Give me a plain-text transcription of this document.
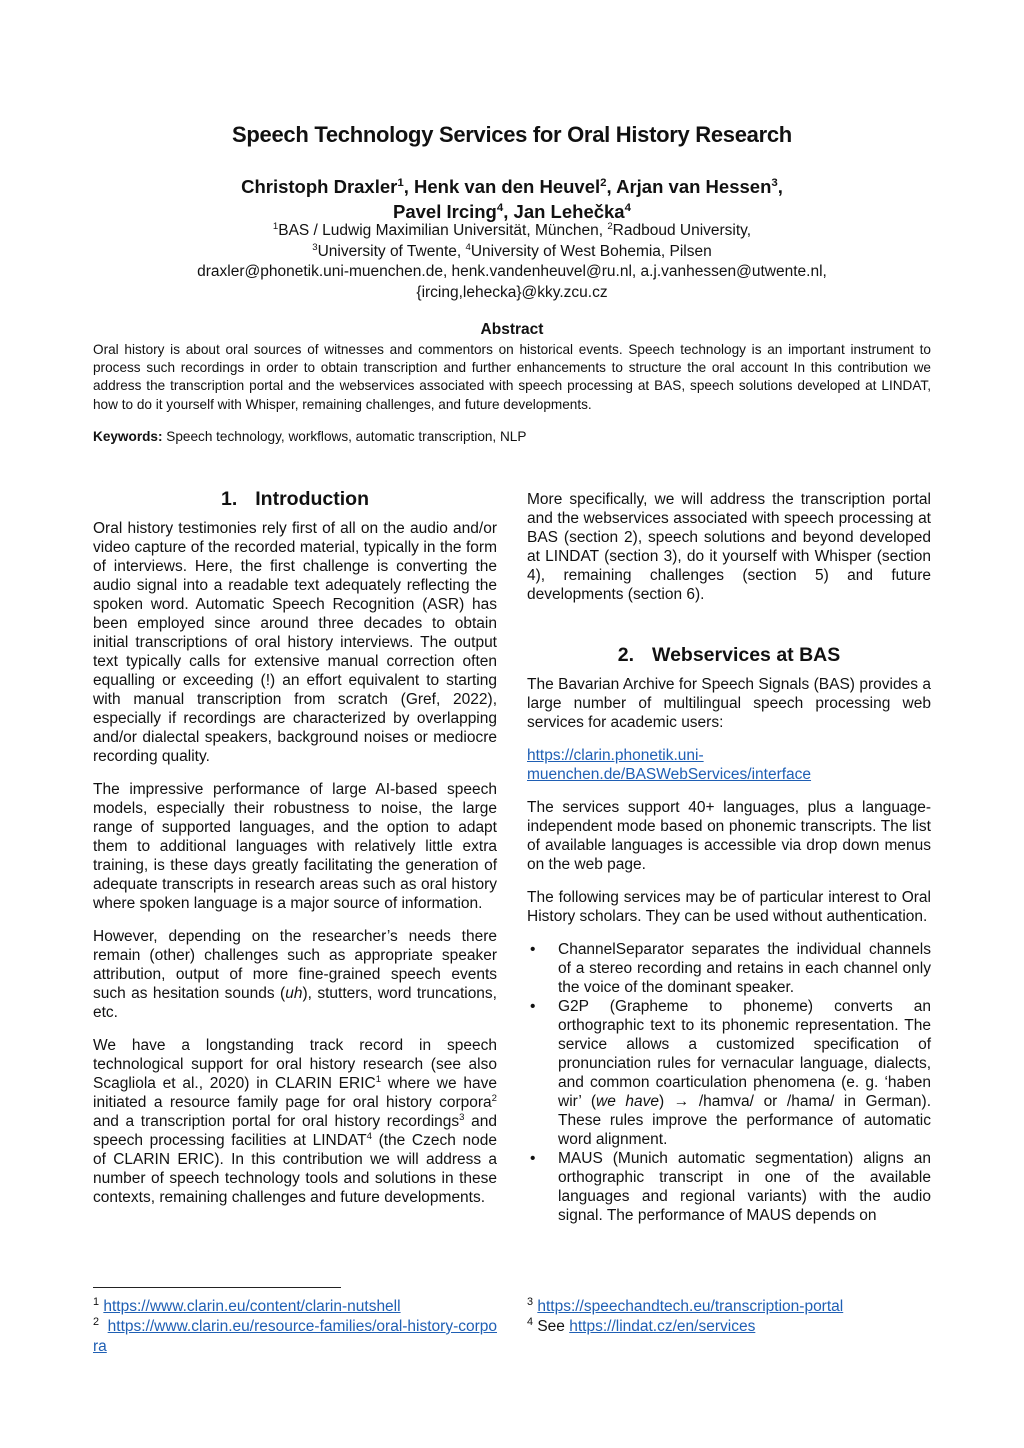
Speech Technology Services for Oral History Research
Christoph Draxler$^1$, Henk van den Heuvel$^2$, Arjan van Hessen$^3$,
Pavel Ircing$^4$, Jan Lehečka$^4$
$^1$BAS / Ludwig Maximilian Universität, München, $^2$Radboud University,
$^3$University of Twente, $^4$University of West Bohemia, Pilsen
draxler@phonetik.uni-muenchen.de, henk.vandenheuvel@ru.nl, a.j.vanhessen@utwente.nl,
{ircing,lehecka}@kky.zcu.cz
Abstract
Oral history is about oral sources of witnesses and commentors on historical events. Speech technology is an important instrument to process such recordings in order to obtain transcription and further enhancements to structure the oral account In this contribution we address the transcription portal and the webservices associated with speech processing at BAS, speech solutions developed at LINDAT, how to do it yourself with Whisper, remaining challenges, and future developments.
Keywords: Speech technology, workflows, automatic transcription, NLP
1. Introduction

Oral history testimonies rely first of all on the audio and/or video capture of the recorded material, typically in the form of interviews. Here, the first challenge is converting the audio signal into a readable text adequately reflecting the spoken word. Automatic Speech Recognition (ASR) has been employed since around three decades to obtain initial transcriptions of oral history interviews. The output text typically calls for extensive manual correction often equalling or exceeding (!) an effort equivalent to starting with manual transcription from scratch (Gref, 2022), especially if recordings are characterized by overlapping and/or dialectal speakers, background noises or mediocre recording quality.

The impressive performance of large AI-based speech models, especially their robustness to noise, the large range of supported languages, and the option to adapt them to additional languages with relatively little extra training, is these days greatly facilitating the generation of adequate transcripts in research areas such as oral history where spoken language is a major source of information.

However, depending on the researcher’s needs there remain (other) challenges such as appropriate speaker attribution, output of more fine-grained speech events such as hesitation sounds (uh), stutters, word truncations, etc.

We have a longstanding track record in speech technological support for oral history research (see also Scagliola et al., 2020) in CLARIN ERIC$^1$ where we have initiated a resource family page for oral history corpora$^2$ and a transcription portal for oral history recordings$^3$ and speech processing facilities at LINDAT$^4$ (the Czech node of CLARIN ERIC). In this contribution we will address a number of speech technology tools and solutions in these contexts, remaining challenges and future developments.

More specifically, we will address the transcription portal and the webservices associated with speech processing at BAS (section 2), speech solutions and beyond developed at LINDAT (section 3), do it yourself with Whisper (section 4), remaining challenges (section 5) and future developments (section 6).

2. Webservices at BAS

The Bavarian Archive for Speech Signals (BAS) provides a large number of multilingual speech processing web services for academic users:

https://clarin.phonetik.uni-
muenchen.de/BASWebServices/interface

The services support 40+ languages, plus a language-independent mode based on phonemic transcripts. The list of available languages is accessible via drop down menus on the web page.

The following services may be of particular interest to Oral History scholars. They can be used without authentication.

• ChannelSeparator separates the individual channels of a stereo recording and retains in each channel only the voice of the dominant speaker.
• G2P (Grapheme to phoneme) converts an orthographic text to its phonemic representation. The service allows a customized specification of pronunciation rules for vernacular language, dialects, and common coarticulation phenomena (e. g. ‘haben wir’ (we have) → /hamva/ or /hama/ in German). These rules improve the performance of automatic word alignment.
• MAUS (Munich automatic segmentation) aligns an orthographic transcript in one of the available languages and regional variants) with the audio signal. The performance of MAUS depends on
$^1$ https://www.clarin.eu/content/clarin-nutshell
$^2$ https://www.clarin.eu/resource-families/oral-history-corpora
$^3$ https://speechandtech.eu/transcription-portal
$^4$ See https://lindat.cz/en/services
